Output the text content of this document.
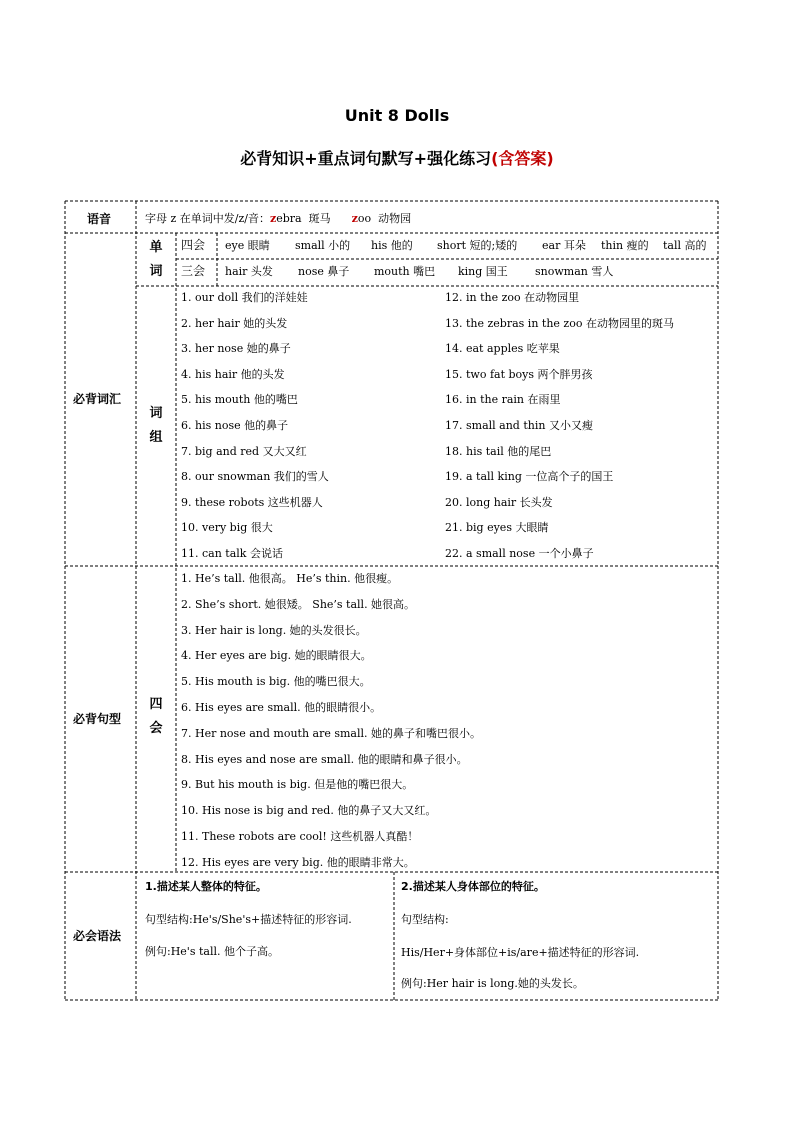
Unit 8 Dolls
必背知识+重点词句默写+强化练习(含答案)
语音	字母 z 在单词中发/z/音：zebra 斑马 zoo 动物园
必背词汇
单词
词组
四会
三会
eye 眼睛 small 小的 his 他的 short 短的;矮的 ear 耳朵 thin 瘦的 tall 高的
hair 头发 nose 鼻子 mouth 嘴巴 king 国王 snowman 雪人
1. our doll 我们的洋娃娃
2. her hair 她的头发
3. her nose 她的鼻子
4. his hair 他的头发
5. his mouth 他的嘴巴
6. his nose 他的鼻子
7. big and red 又大又红
8. our snowman 我们的雪人
9. these robots 这些机器人
10. very big 很大
11. can talk 会说话
12. in the zoo 在动物园里
13. the zebras in the zoo 在动物园里的斑马
14. eat apples 吃苹果
15. two fat boys 两个胖男孩
16. in the rain 在雨里
17. small and thin 又小又瘦
18. his tail 他的尾巴
19. a tall king 一位高个子的国王
20. long hair 长头发
21. big eyes 大眼睛
22. a small nose 一个小鼻子
必背句型
四会
1. He’s tall. 他很高。 He’s thin. 他很瘦。
2. She’s short. 她很矮。 She’s tall. 她很高。
3. Her hair is long. 她的头发很长。
4. Her eyes are big. 她的眼睛很大。
5. His mouth is big. 他的嘴巴很大。
6. His eyes are small. 他的眼睛很小。
7. Her nose and mouth are small. 她的鼻子和嘴巴很小。
8. His eyes and nose are small. 他的眼睛和鼻子很小。
9. But his mouth is big. 但是他的嘴巴很大。
10. His nose is big and red. 他的鼻子又大又红。
11. These robots are cool! 这些机器人真酷！
12. His eyes are very big. 他的眼睛非常大。
必会语法
1.描述某人整体的特征。
句型结构:He's/She's+描述特征的形容词.
例句:He's tall. 他个子高。
2.描述某人身体部位的特征。
句型结构:
His/Her+身体部位+is/are+描述特征的形容词.
例句:Her hair is long.她的头发长。
